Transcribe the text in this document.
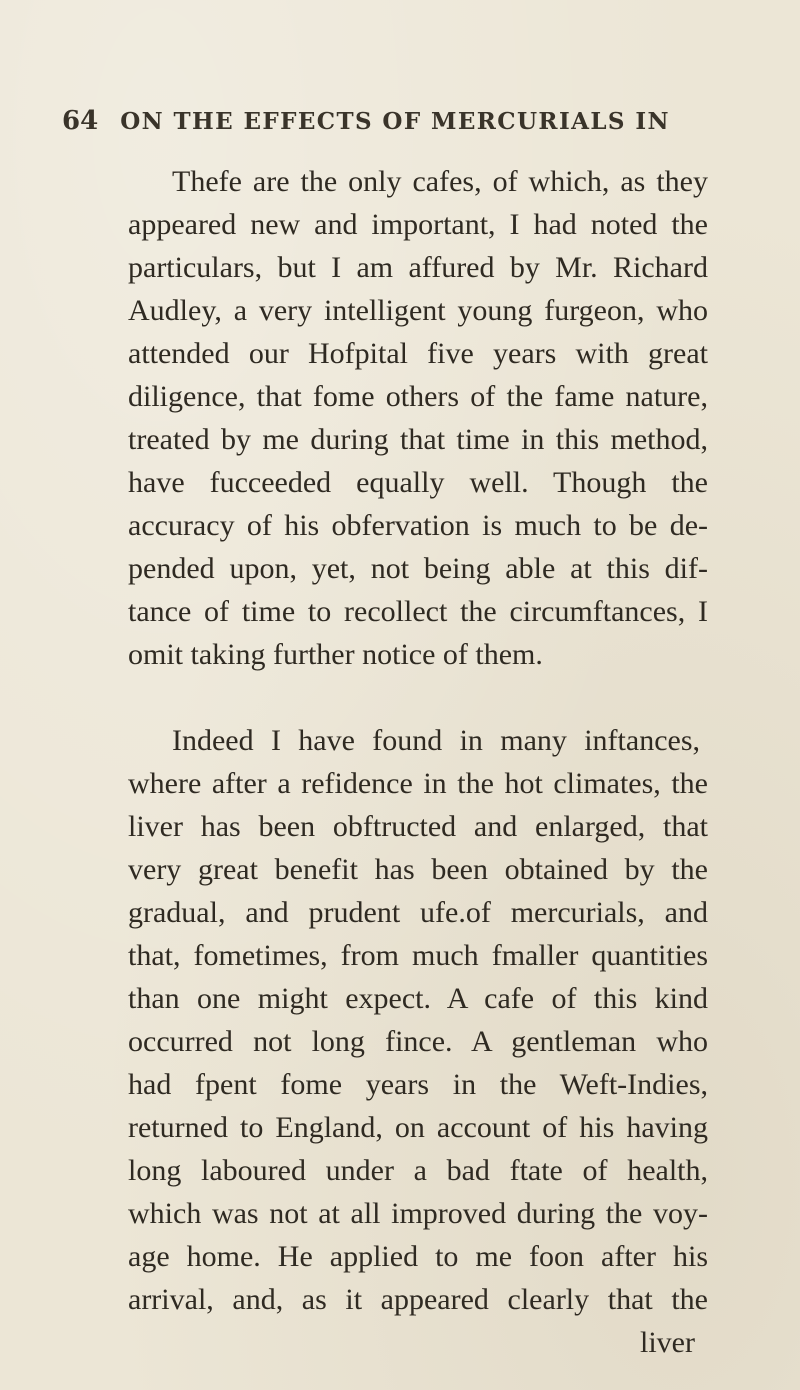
64 ON THE EFFECTS OF MERCURIALS IN
Thefe are the only cafes, of which, as they
appeared new and important, I had noted the
particulars, but I am affured by Mr. Richard
Audley, a very intelligent young furgeon, who
attended our Hofpital five years with great
diligence, that fome others of the fame nature,
treated by me during that time in this method,
have fucceeded equally well. Though the
accuracy of his obfervation is much to be de-
pended upon, yet, not being able at this dif-
tance of time to recollect the circumftances, I
omit taking further notice of them.
Indeed I have found in many inftances,
where after a refidence in the hot climates, the
liver has been obftructed and enlarged, that
very great benefit has been obtained by the
gradual, and prudent ufe.of mercurials, and
that, fometimes, from much fmaller quantities
than one might expect. A cafe of this kind
occurred not long fince. A gentleman who
had fpent fome years in the Weft-Indies,
returned to England, on account of his having
long laboured under a bad ftate of health,
which was not at all improved during the voy-
age home. He applied to me foon after his
arrival, and, as it appeared clearly that the
liver
